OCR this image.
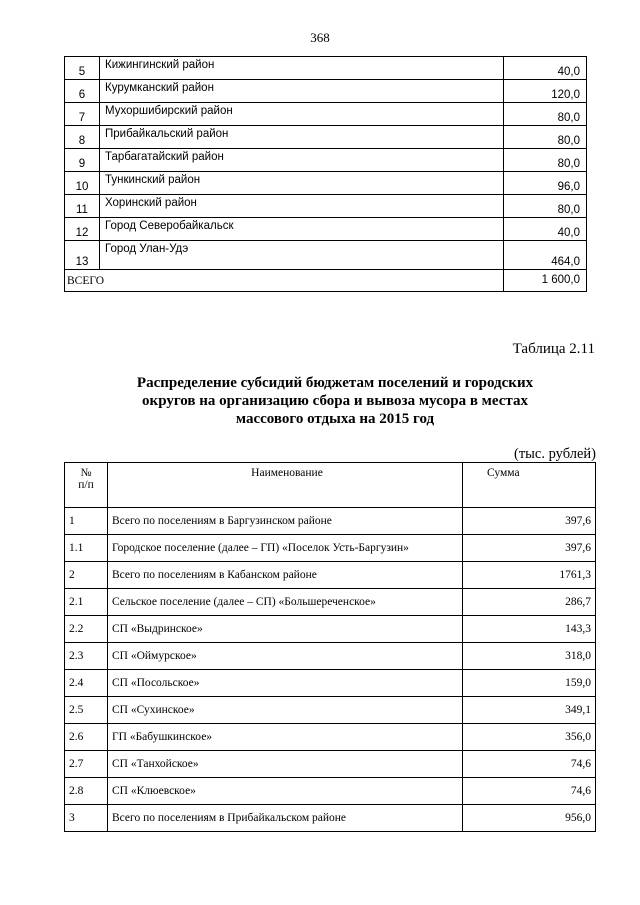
368
5	Кижингинский район	40,0
6	Курумканский район	120,0
7	Мухоршибирский район	80,0
8	Прибайкальский район	80,0
9	Тарбагатайский район	80,0
10	Тункинский район	96,0
11	Хоринский район	80,0
12	Город Северобайкальск	40,0
13	Город Улан-Удэ	464,0
ВСЕГО		1 600,0
Таблица 2.11
Распределение субсидий бюджетам поселений и городских
округов на организацию сбора и вывоза мусора в местах
массового отдыха на 2015 год
(тыс. рублей)
№
п/п	Наименование	Сумма
1	Всего по поселениям в Баргузинском районе	397,6
1.1	Городское поселение (далее – ГП) «Поселок Усть-Баргузин»	397,6
2	Всего по поселениям в Кабанском районе	1761,3
2.1	Сельское поселение (далее – СП) «Большереченское»	286,7
2.2	СП «Выдринское»	143,3
2.3	СП «Оймурское»	318,0
2.4	СП «Посольское»	159,0
2.5	СП «Сухинское»	349,1
2.6	ГП «Бабушкинское»	356,0
2.7	СП «Танхойское»	74,6
2.8	СП «Клюевское»	74,6
3	Всего по поселениям в Прибайкальском районе	956,0
